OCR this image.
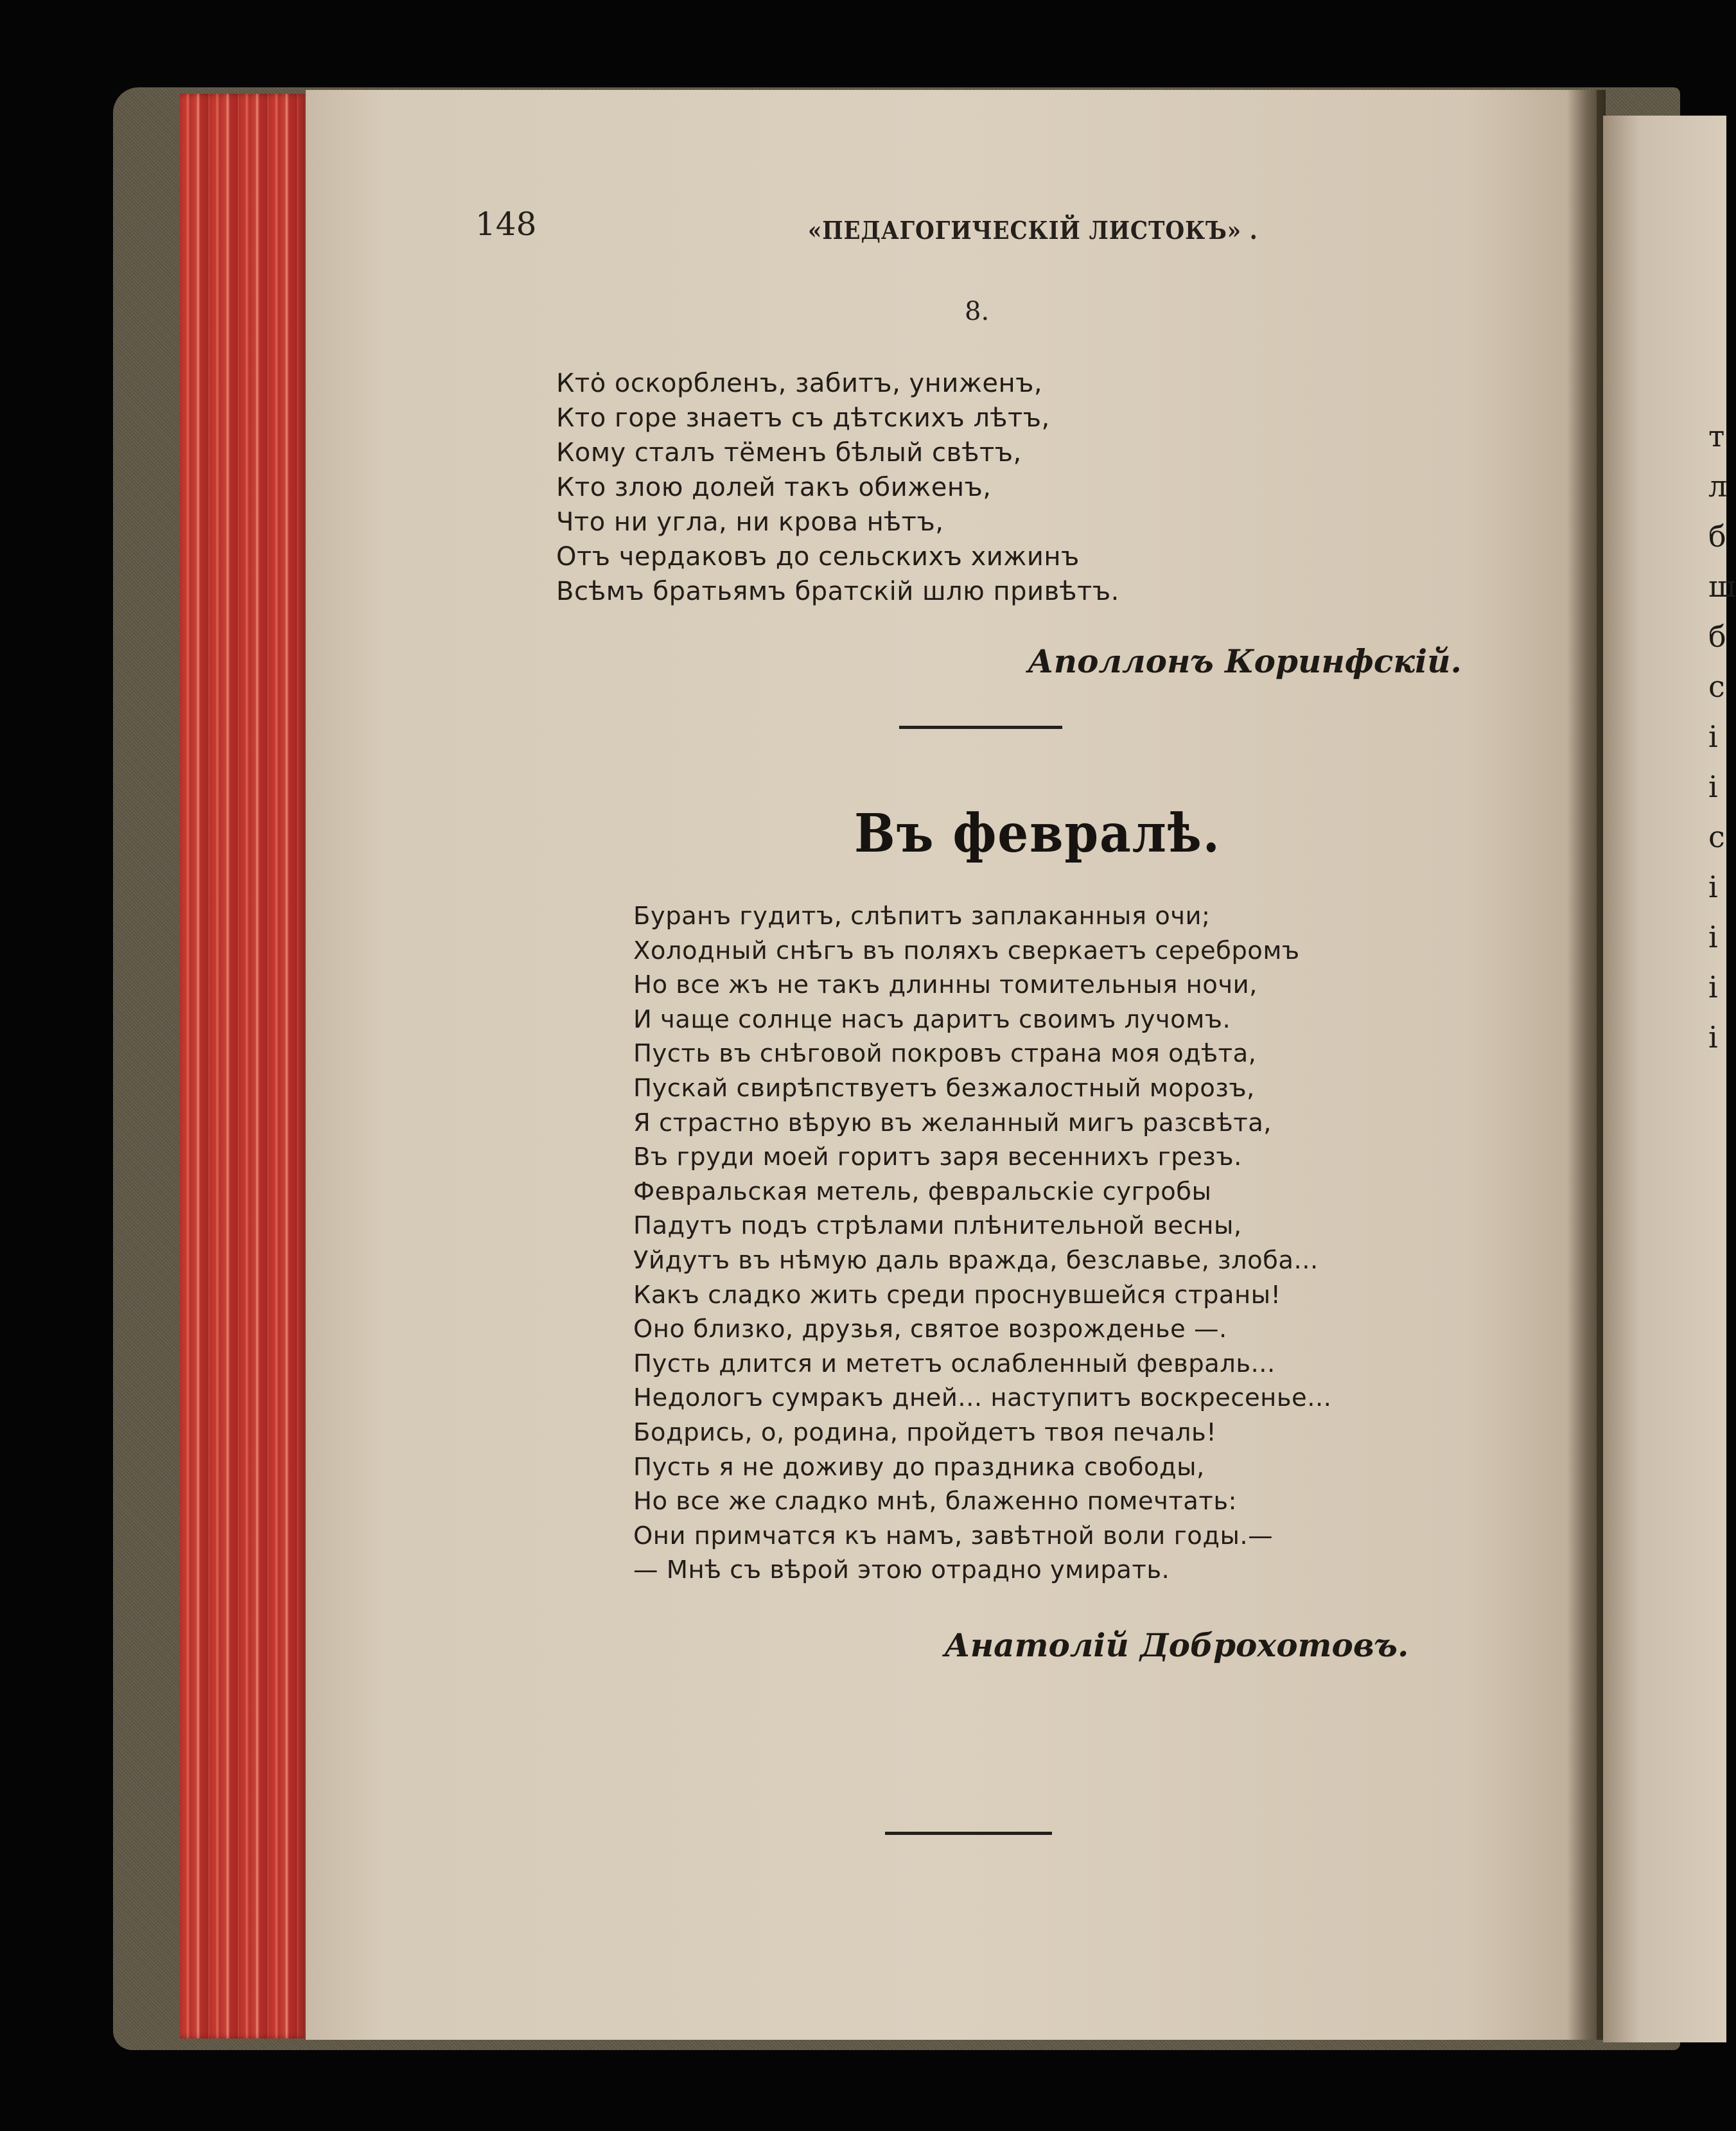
т
л
б
ш
б
с
і
і
с
і
і
і
і
148	«ПЕДАГОГИЧЕСКІЙ ЛИСТОКЪ» .
8.
Ктȯ оскорбленъ, забитъ, униженъ,
Кто горе знаетъ съ дѣтскихъ лѣтъ,
Кому сталъ тёменъ бѣлый свѣтъ,
Кто злою долей такъ обиженъ,
Что ни угла, ни крова нѣтъ,
Отъ чердаковъ до сельскихъ хижинъ
Всѣмъ братьямъ братскій шлю привѣтъ.
Аполлонъ Коринфскій.
Въ февралѣ.
Буранъ гудитъ, слѣпитъ заплаканныя очи;
Холодный снѣгъ въ поляхъ сверкаетъ серебромъ
Но все жъ не такъ длинны томительныя ночи,
И чаще солнце насъ даритъ своимъ лучомъ.
Пусть въ снѣговой покровъ страна моя одѣта,
Пускай свирѣпствуетъ безжалостный морозъ,
Я страстно вѣрую въ желанный мигъ разсвѣта,
Въ груди моей горитъ заря весеннихъ грезъ.
Февральская метель, февральскіе сугробы
Падутъ подъ стрѣлами плѣнительной весны,
Уйдутъ въ нѣмую даль вражда, безславье, злоба...
Какъ сладко жить среди проснувшейся страны!
Оно близко, друзья, святое возрожденье —.
Пусть длится и мететъ ослабленный февраль...
Недологъ сумракъ дней... наступитъ воскресенье...
Бодрись, о, родина, пройдетъ твоя печаль!
Пусть я не доживу до праздника свободы,
Но все же сладко мнѣ, блаженно помечтать:
Они примчатся къ намъ, завѣтной воли годы.—
— Мнѣ съ вѣрой этою отрадно умирать.
Анатолій Доброхотовъ.
